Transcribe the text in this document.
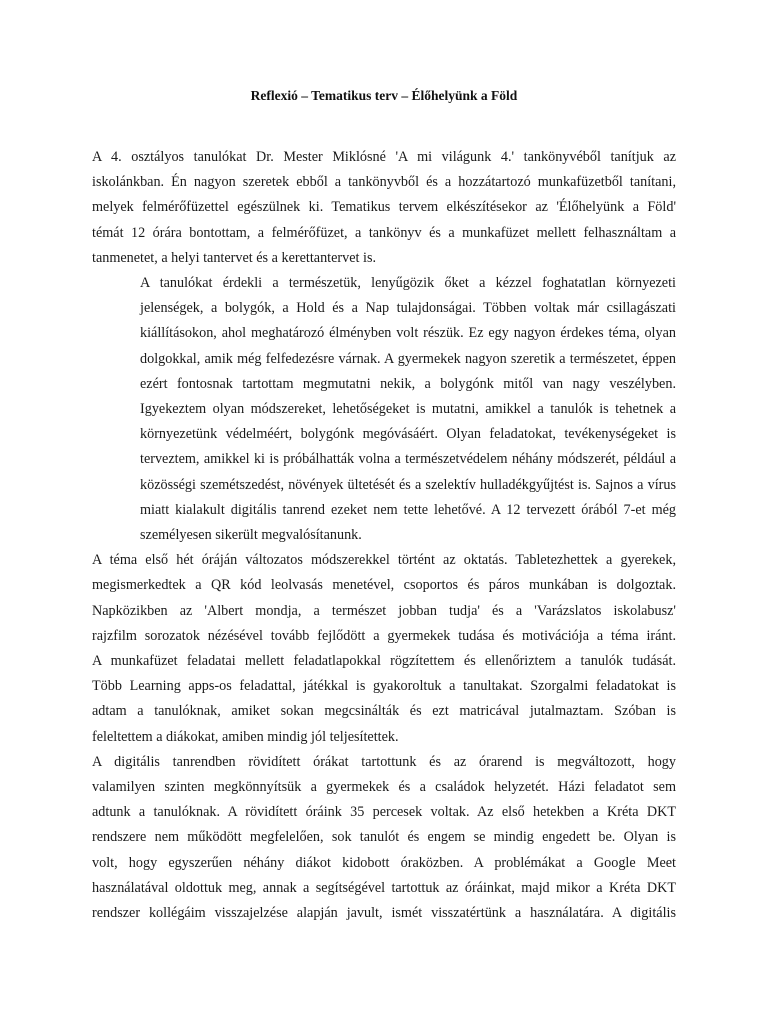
Reflexió – Tematikus terv – Élőhelyünk a Föld

A 4. osztályos tanulókat Dr. Mester Miklósné 'A mi világunk 4.' tankönyvéből tanítjuk az
iskolánkban. Én nagyon szeretek ebből a tankönyvből és a hozzátartozó munkafüzetből tanítani,
melyek felmérőfüzettel egészülnek ki. Tematikus tervem elkészítésekor az 'Élőhelyünk a Föld'
témát 12 órára bontottam, a felmérőfüzet, a tankönyv és a munkafüzet mellett felhasználtam a
tanmenetet, a helyi tantervet és a kerettantervet is.

A tanulókat érdekli a természetük, lenyűgözik őket a kézzel foghatatlan környezeti
jelenségek, a bolygók, a Hold és a Nap tulajdonságai. Többen voltak már csillagászati
kiállításokon, ahol meghatározó élményben volt részük. Ez egy nagyon érdekes téma, olyan
dolgokkal, amik még felfedezésre várnak. A gyermekek nagyon szeretik a természetet, éppen
ezért fontosnak tartottam megmutatni nekik, a bolygónk mitől van nagy veszélyben.
Igyekeztem olyan módszereket, lehetőségeket is mutatni, amikkel a tanulók is tehetnek a
környezetünk védelméért, bolygónk megóvásáért. Olyan feladatokat, tevékenységeket is
terveztem, amikkel ki is próbálhatták volna a természetvédelem néhány módszerét, például a
közösségi szemétszedést, növények ültetését és a szelektív hulladékgyűjtést is. Sajnos a vírus
miatt kialakult digitális tanrend ezeket nem tette lehetővé. A 12 tervezett órából 7-et még
személyesen sikerült megvalósítanunk.

A téma első hét óráján változatos módszerekkel történt az oktatás. Tabletezhettek a gyerekek,
megismerkedtek a QR kód leolvasás menetével, csoportos és páros munkában is dolgoztak.
Napközikben az 'Albert mondja, a természet jobban tudja' és a 'Varázslatos iskolabusz'
rajzfilm sorozatok nézésével tovább fejlődött a gyermekek tudása és motivációja a téma iránt.
A munkafüzet feladatai mellett feladatlapokkal rögzítettem és ellenőriztem a tanulók tudását.
Több Learning apps-os feladattal, játékkal is gyakoroltuk a tanultakat. Szorgalmi feladatokat is
adtam a tanulóknak, amiket sokan megcsinálták és ezt matricával jutalmaztam. Szóban is
feleltettem a diákokat, amiben mindig jól teljesítettek.

A digitális tanrendben rövidített órákat tartottunk és az órarend is megváltozott, hogy
valamilyen szinten megkönnyítsük a gyermekek és a családok helyzetét. Házi feladatot sem
adtunk a tanulóknak. A rövidített óráink 35 percesek voltak. Az első hetekben a Kréta DKT
rendszere nem működött megfelelően, sok tanulót és engem se mindig engedett be. Olyan is
volt, hogy egyszerűen néhány diákot kidobott óraközben. A problémákat a Google Meet
használatával oldottuk meg, annak a segítségével tartottuk az óráinkat, majd mikor a Kréta DKT
rendszer kollégáim visszajelzése alapján javult, ismét visszatértünk a használatára. A digitális
